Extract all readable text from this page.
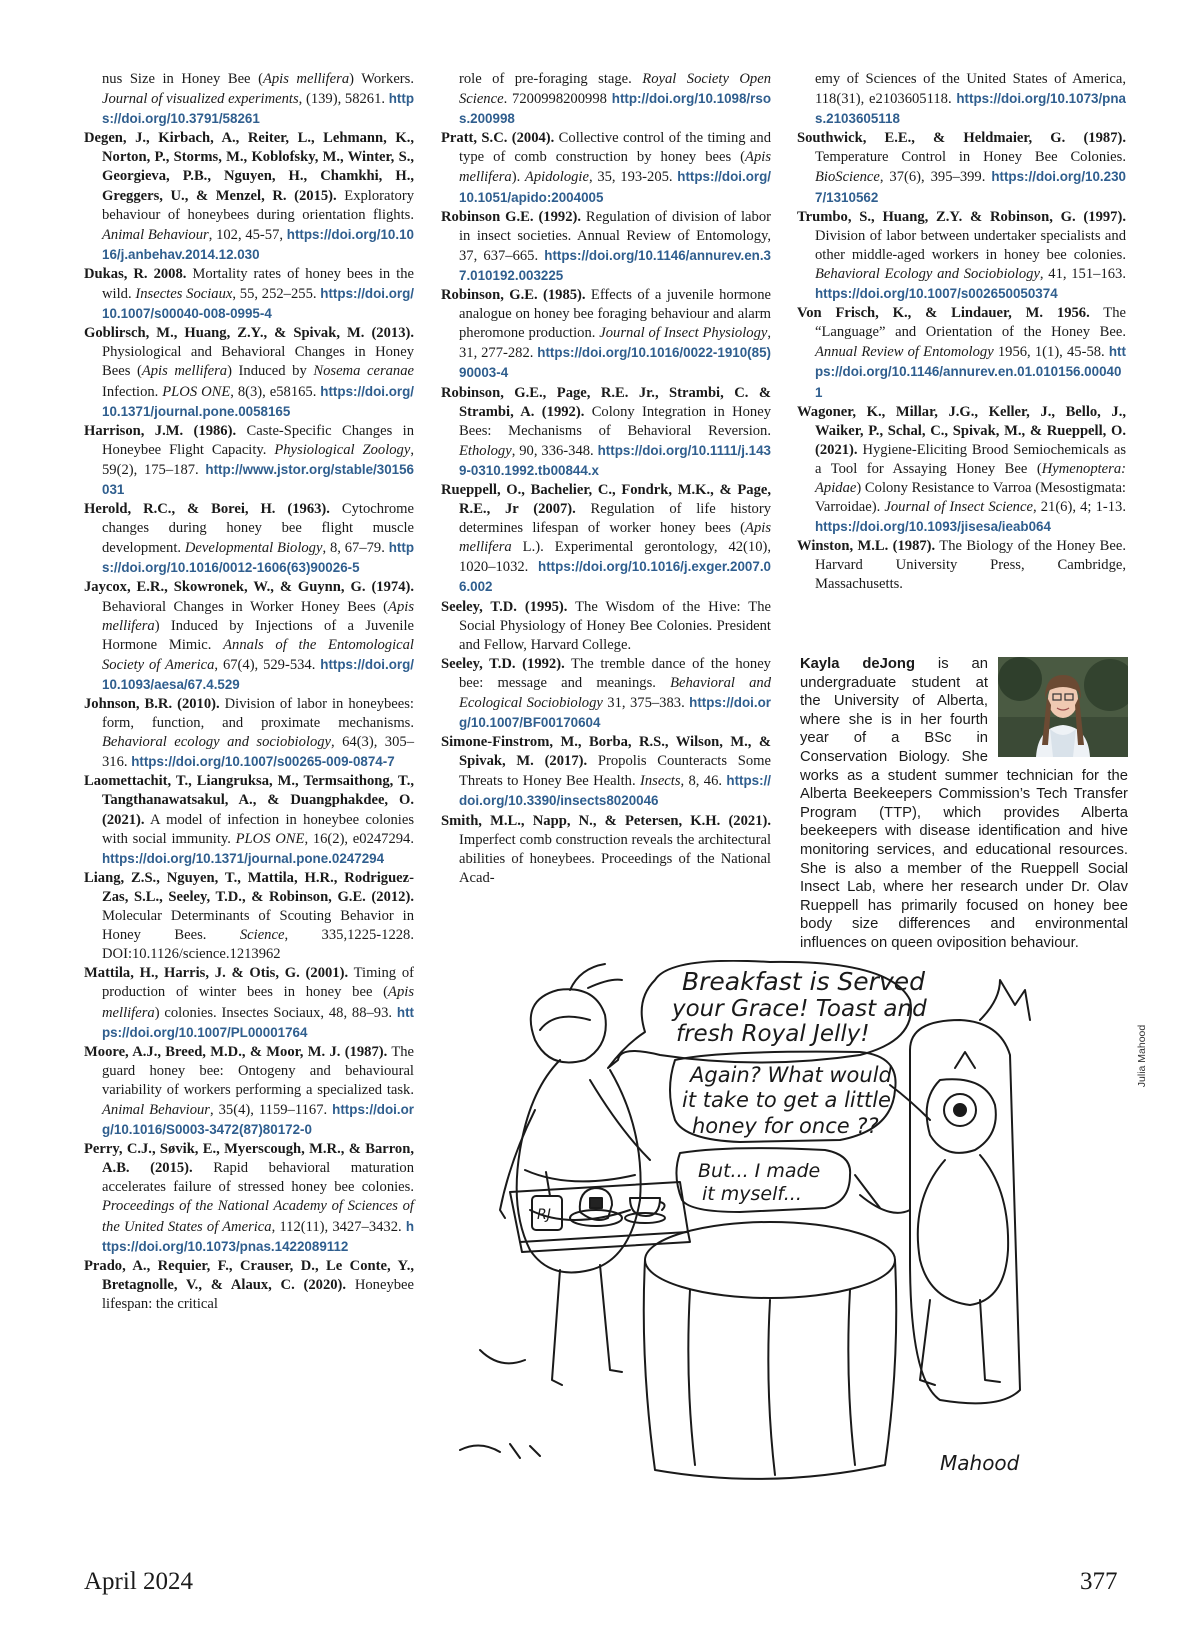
nus Size in Honey Bee (Apis mellifera) Workers. Journal of visualized experiments, (139), 58261. https://doi.org/10.3791/58261

Degen, J., Kirbach, A., Reiter, L., Lehmann, K., Norton, P., Storms, M., Koblofsky, M., Winter, S., Georgieva, P.B., Nguyen, H., Chamkhi, H., Greggers, U., & Menzel, R. (2015). Exploratory behaviour of honeybees during orientation flights. Animal Behaviour, 102, 45-57, https://doi.org/10.1016/j.anbehav.2014.12.030

Dukas, R. 2008. Mortality rates of honey bees in the wild. Insectes Sociaux, 55, 252–255. https://doi.org/10.1007/s00040-008-0995-4

Goblirsch, M., Huang, Z.Y., & Spivak, M. (2013). Physiological and Behavioral Changes in Honey Bees (Apis mellifera) Induced by Nosema ceranae Infection. PLOS ONE, 8(3), e58165. https://doi.org/10.1371/journal.pone.0058165

Harrison, J.M. (1986). Caste-Specific Changes in Honeybee Flight Capacity. Physiological Zoology, 59(2), 175–187. http://www.jstor.org/stable/30156031

Herold, R.C., & Borei, H. (1963). Cytochrome changes during honey bee flight muscle development. Developmental Biology, 8, 67–79. https://doi.org/10.1016/0012-1606(63)90026-5

Jaycox, E.R., Skowronek, W., & Guynn, G. (1974). Behavioral Changes in Worker Honey Bees (Apis mellifera) Induced by Injections of a Juvenile Hormone Mimic. Annals of the Entomological Society of America, 67(4), 529-534. https://doi.org/10.1093/aesa/67.4.529

Johnson, B.R. (2010). Division of labor in honeybees: form, function, and proximate mechanisms. Behavioral ecology and sociobiology, 64(3), 305–316. https://doi.org/10.1007/s00265-009-0874-7

Laomettachit, T., Liangruksa, M., Termsaithong, T., Tangthanawatsakul, A., & Duangphakdee, O. (2021). A model of infection in honeybee colonies with social immunity. PLOS ONE, 16(2), e0247294. https://doi.org/10.1371/journal.pone.0247294

Liang, Z.S., Nguyen, T., Mattila, H.R., Rodriguez-Zas, S.L., Seeley, T.D., & Robinson, G.E. (2012). Molecular Determinants of Scouting Behavior in Honey Bees. Science, 335,1225-1228. DOI:10.1126/science.1213962

Mattila, H., Harris, J. & Otis, G. (2001). Timing of production of winter bees in honey bee (Apis mellifera) colonies. Insectes Sociaux, 48, 88–93. https://doi.org/10.1007/PL00001764

Moore, A.J., Breed, M.D., & Moor, M. J. (1987). The guard honey bee: Ontogeny and behavioural variability of workers performing a specialized task. Animal Behaviour, 35(4), 1159–1167. https://doi.org/10.1016/S0003-3472(87)80172-0

Perry, C.J., Søvik, E., Myerscough, M.R., & Barron, A.B. (2015). Rapid behavioral maturation accelerates failure of stressed honey bee colonies. Proceedings of the National Academy of Sciences of the United States of America, 112(11), 3427–3432. https://doi.org/10.1073/pnas.1422089112

Prado, A., Requier, F., Crauser, D., Le Conte, Y., Bretagnolle, V., & Alaux, C. (2020). Honeybee lifespan: the critical

role of pre-foraging stage. Royal Society Open Science. 7200998200998 http://doi.org/10.1098/rsos.200998

Pratt, S.C. (2004). Collective control of the timing and type of comb construction by honey bees (Apis mellifera). Apidologie, 35, 193-205. https://doi.org/10.1051/apido:2004005

Robinson G.E. (1992). Regulation of division of labor in insect societies. Annual Review of Entomology, 37, 637–665. https://doi.org/10.1146/annurev.en.37.010192.003225

Robinson, G.E. (1985). Effects of a juvenile hormone analogue on honey bee foraging behaviour and alarm pheromone production. Journal of Insect Physiology, 31, 277-282. https://doi.org/10.1016/0022-1910(85)90003-4

Robinson, G.E., Page, R.E. Jr., Strambi, C. & Strambi, A. (1992). Colony Integration in Honey Bees: Mechanisms of Behavioral Reversion. Ethology, 90, 336-348. https://doi.org/10.1111/j.1439-0310.1992.tb00844.x

Rueppell, O., Bachelier, C., Fondrk, M.K., & Page, R.E., Jr (2007). Regulation of life history determines lifespan of worker honey bees (Apis mellifera L.). Experimental gerontology, 42(10), 1020–1032. https://doi.org/10.1016/j.exger.2007.06.002

Seeley, T.D. (1995). The Wisdom of the Hive: The Social Physiology of Honey Bee Colonies. President and Fellow, Harvard College.

Seeley, T.D. (1992). The tremble dance of the honey bee: message and meanings. Behavioral and Ecological Sociobiology 31, 375–383. https://doi.org/10.1007/BF00170604

Simone-Finstrom, M., Borba, R.S., Wilson, M., & Spivak, M. (2017). Propolis Counteracts Some Threats to Honey Bee Health. Insects, 8, 46. https://doi.org/10.3390/insects8020046

Smith, M.L., Napp, N., & Petersen, K.H. (2021). Imperfect comb construction reveals the architectural abilities of honeybees. Proceedings of the National Acad-

emy of Sciences of the United States of America, 118(31), e2103605118. https://doi.org/10.1073/pnas.2103605118

Southwick, E.E., & Heldmaier, G. (1987). Temperature Control in Honey Bee Colonies. BioScience, 37(6), 395–399. https://doi.org/10.2307/1310562

Trumbo, S., Huang, Z.Y. & Robinson, G. (1997). Division of labor between undertaker specialists and other middle-aged workers in honey bee colonies. Behavioral Ecology and Sociobiology, 41, 151–163. https://doi.org/10.1007/s002650050374

Von Frisch, K., & Lindauer, M. 1956. The “Language” and Orientation of the Honey Bee. Annual Review of Entomology 1956, 1(1), 45-58. https://doi.org/10.1146/annurev.en.01.010156.000401

Wagoner, K., Millar, J.G., Keller, J., Bello, J., Waiker, P., Schal, C., Spivak, M., & Rueppell, O. (2021). Hygiene-Eliciting Brood Semiochemicals as a Tool for Assaying Honey Bee (Hymenoptera: Apidae) Colony Resistance to Varroa (Mesostigmata: Varroidae). Journal of Insect Science, 21(6), 4; 1-13. https://doi.org/10.1093/jisesa/ieab064

Winston, M.L. (1987). The Biology of the Honey Bee. Harvard University Press, Cambridge, Massachusetts.

Kayla deJong is an undergraduate student at the University of Alberta, where she is in her fourth year of a BSc in Conservation Biology. She works as a student summer technician for the Alberta Beekeepers Commission’s Tech Transfer Program (TTP), which provides Alberta beekeepers with disease identification and hive monitoring services, and educational resources. She is also a member of the Rueppell Social Insect Lab, where her research under Dr. Olav Rueppell has primarily focused on honey bee body size differences and environmental influences on queen oviposition behaviour.
Breakfast is Served
your Grace! Toast and
fresh Royal Jelly!
Again? What would
it take to get a little
honey for once ??
But... I made
it myself...
RJ
Mahood
Julia Mahood
April 2024	377
